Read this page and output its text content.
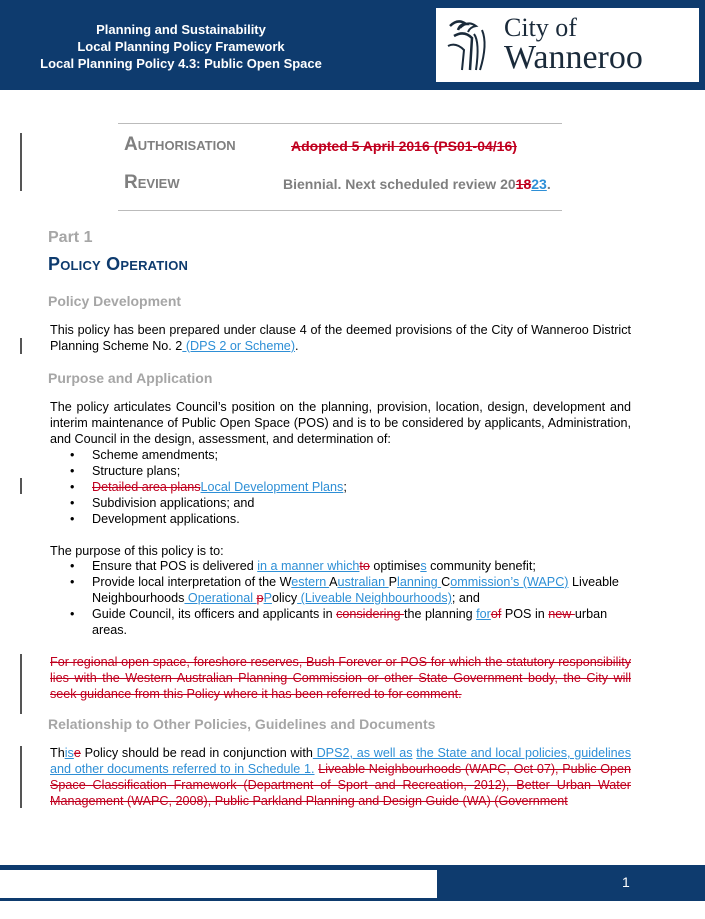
Planning and Sustainability
Local Planning Policy Framework
Local Planning Policy 4.3: Public Open Space
City of
Wanneroo
Authorisation	Adopted 5 April 2016 (PS01-04/16)
Review	Biennial. Next scheduled review 201823.
Part 1
Policy Operation
Policy Development
This policy has been prepared under clause 4 of the deemed provisions of the City of Wanneroo District Planning Scheme No. 2 (DPS 2 or Scheme).
Purpose and Application
The policy articulates Council’s position on the planning, provision, location, design, development and interim maintenance of Public Open Space (POS) and is to be considered by applicants, Administration, and Council in the design, assessment, and determination of:
• Scheme amendments;
• Structure plans;
• Detailed area plansLocal Development Plans;
• Subdivision applications; and
• Development applications.
The purpose of this policy is to:
• Ensure that POS is delivered in a manner whichto optimises community benefit;
• Provide local interpretation of the Western Australian Planning Commission’s (WAPC) Liveable Neighbourhoods Operational pPolicy (Liveable Neighbourhoods); and
• Guide Council, its officers and applicants in considering the planning forof POS in new urban areas.
For regional open space, foreshore reserves, Bush Forever or POS for which the statutory responsibility lies with the Western Australian Planning Commission or other State Government body, the City will seek guidance from this Policy where it has been referred to for comment.
Relationship to Other Policies, Guidelines and Documents
Thise Policy should be read in conjunction with DPS2, as well as the State and local policies, guidelines and other documents referred to in Schedule 1. Liveable Neighbourhoods (WAPC, Oct 07), Public Open Space Classification Framework (Department of Sport and Recreation, 2012), Better Urban Water Management (WAPC, 2008), Public Parkland Planning and Design Guide (WA) (Government
1
